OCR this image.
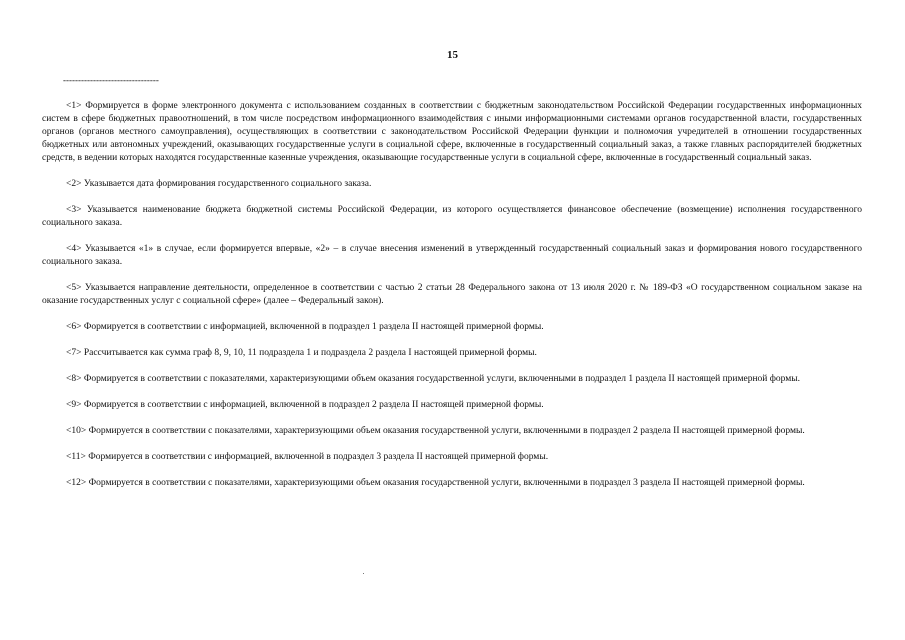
15
--------------------------------

<1> Формируется в форме электронного документа с использованием созданных в соответствии с бюджетным законодательством Российской Федерации государственных информационных систем в сфере бюджетных правоотношений, в том числе посредством информационного взаимодействия с иными информационными системами органов государственной власти, государственных органов (органов местного самоуправления), осуществляющих в соответствии с законодательством Российской Федерации функции и полномочия учредителей в отношении государственных бюджетных или автономных учреждений, оказывающих государственные услуги в социальной сфере, включенные в государственный социальный заказ, а также главных распорядителей бюджетных средств, в ведении которых находятся государственные казенные учреждения, оказывающие государственные услуги в социальной сфере, включенные в государственный социальный заказ.

<2> Указывается дата формирования государственного социального заказа.

<3> Указывается наименование бюджета бюджетной системы Российской Федерации, из которого осуществляется финансовое обеспечение (возмещение) исполнения государственного социального заказа.

<4> Указывается «1» в случае, если формируется впервые, «2» – в случае внесения изменений в утвержденный государственный социальный заказ и формирования нового государственного социального заказа.

<5> Указывается направление деятельности, определенное в соответствии с частью 2 статьи 28 Федерального закона от 13 июля 2020 г. № 189-ФЗ «О государственном социальном заказе на оказание государственных услуг с социальной сфере» (далее – Федеральный закон).

<6> Формируется в соответствии с информацией, включенной в подраздел 1 раздела II настоящей примерной формы.

<7> Рассчитывается как сумма граф 8, 9, 10, 11 подраздела 1 и подраздела 2 раздела I настоящей примерной формы.

<8> Формируется в соответствии с показателями, характеризующими объем оказания государственной услуги, включенными в подраздел 1 раздела II настоящей примерной формы.

<9> Формируется в соответствии с информацией, включенной в подраздел 2 раздела II настоящей примерной формы.

<10> Формируется в соответствии с показателями, характеризующими объем оказания государственной услуги, включенными в подраздел 2 раздела II настоящей примерной формы.

<11> Формируется в соответствии с информацией, включенной в подраздел 3 раздела II настоящей примерной формы.

<12> Формируется в соответствии с показателями, характеризующими объем оказания государственной услуги, включенными в подраздел 3 раздела II настоящей примерной формы.
